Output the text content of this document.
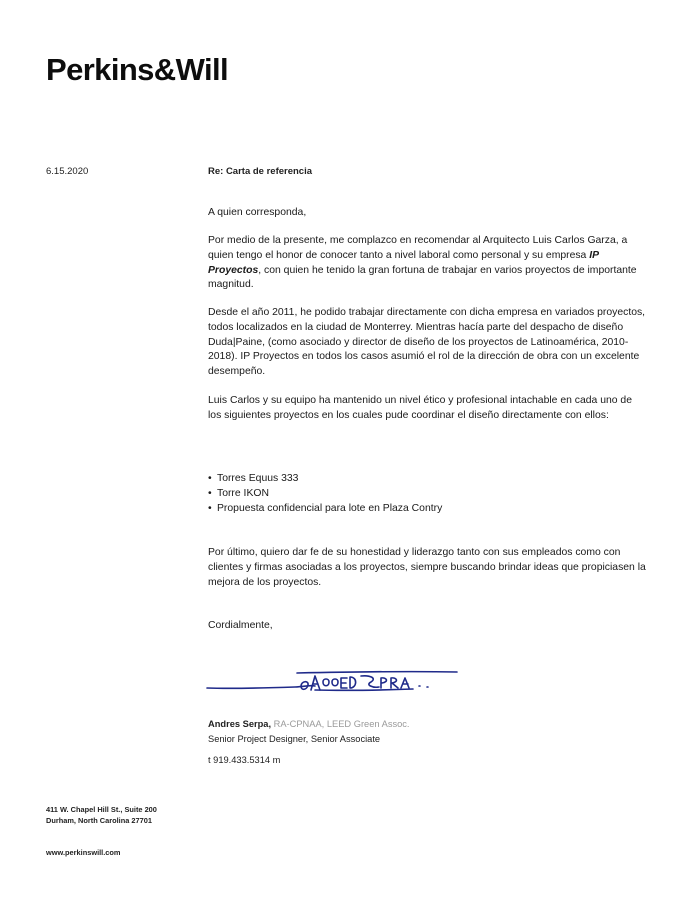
Perkins&Will
6.15.2020	Re: Carta de referencia

A quien corresponda,

Por medio de la presente, me complazco en recomendar al Arquitecto Luis Carlos Garza, a quien tengo el honor de conocer tanto a nivel laboral como personal y su empresa IP Proyectos, con quien he tenido la gran fortuna de trabajar en varios proyectos de importante magnitud.

Desde el año 2011, he podido trabajar directamente con dicha empresa en variados proyectos, todos localizados en la ciudad de Monterrey. Mientras hacía parte del despacho de diseño Duda|Paine, (como asociado y director de diseño de los proyectos de Latinoamérica, 2010-2018). IP Proyectos en todos los casos asumió el rol de la dirección de obra con un excelente desempeño.

Luis Carlos y su equipo ha mantenido un nivel ético y profesional intachable en cada uno de los siguientes proyectos en los cuales pude coordinar el diseño directamente con ellos:

• Torres Equus 333
• Torre IKON
• Propuesta confidencial para lote en Plaza Contry

Por último, quiero dar fe de su honestidad y liderazgo tanto con sus empleados como con clientes y firmas asociadas a los proyectos, siempre buscando brindar ideas que propiciasen la mejora de los proyectos.

Cordialmente,

Andres Serpa, RA-CPNAA, LEED Green Assoc.
Senior Project Designer, Senior Associate
t 919.433.5314 m
411 W. Chapel Hill St., Suite 200
Durham, North Carolina 27701
www.perkinswill.com
